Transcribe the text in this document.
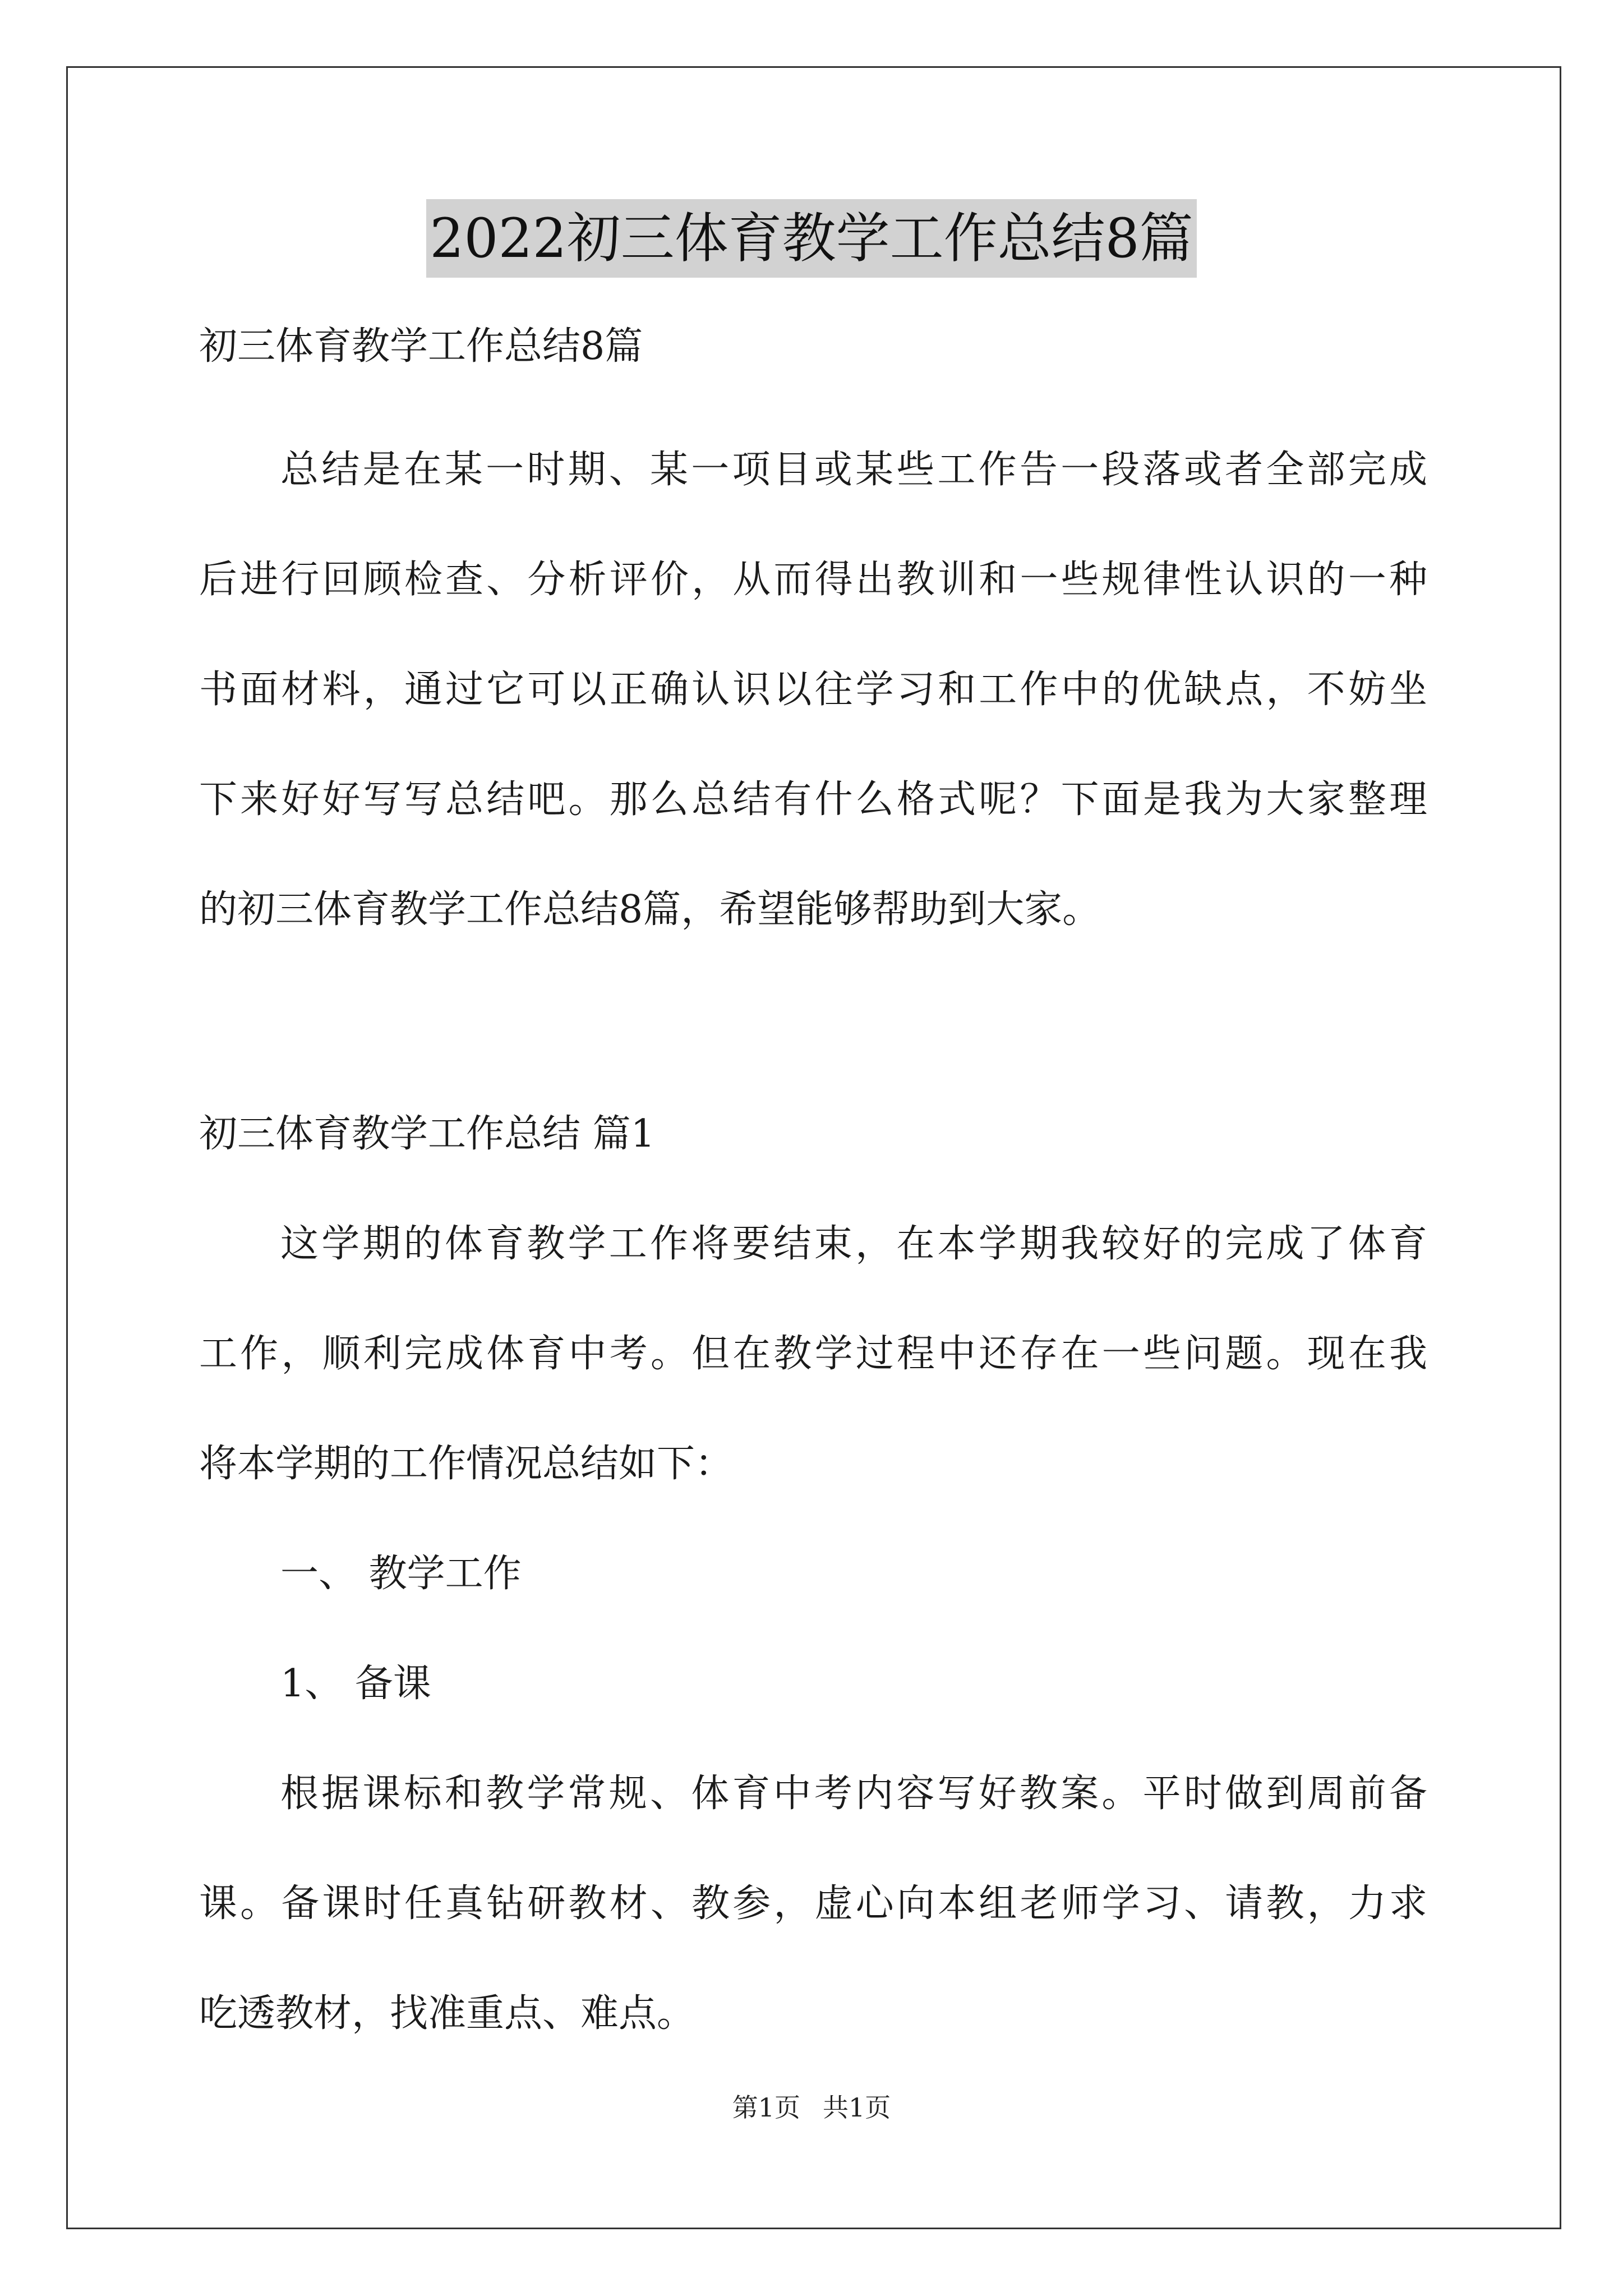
2022初三体育教学工作总结8篇
初三体育教学工作总结8篇
总结是在某一时期、某一项目或某些工作告一段落或者全部完成
后进行回顾检查、分析评价，从而得出教训和一些规律性认识的一种
书面材料，通过它可以正确认识以往学习和工作中的优缺点，不妨坐
下来好好写写总结吧。那么总结有什么格式呢？下面是我为大家整理
的初三体育教学工作总结8篇，希望能够帮助到大家。
初三体育教学工作总结 篇1
这学期的体育教学工作将要结束，在本学期我较好的完成了体育
工作，顺利完成体育中考。但在教学过程中还存在一些问题。现在我
将本学期的工作情况总结如下：
一、 教学工作
1、 备课
根据课标和教学常规、体育中考内容写好教案。平时做到周前备
课。备课时任真钻研教材、教参，虚心向本组老师学习、请教，力求
吃透教材，找准重点、难点。
第1页 共1页
